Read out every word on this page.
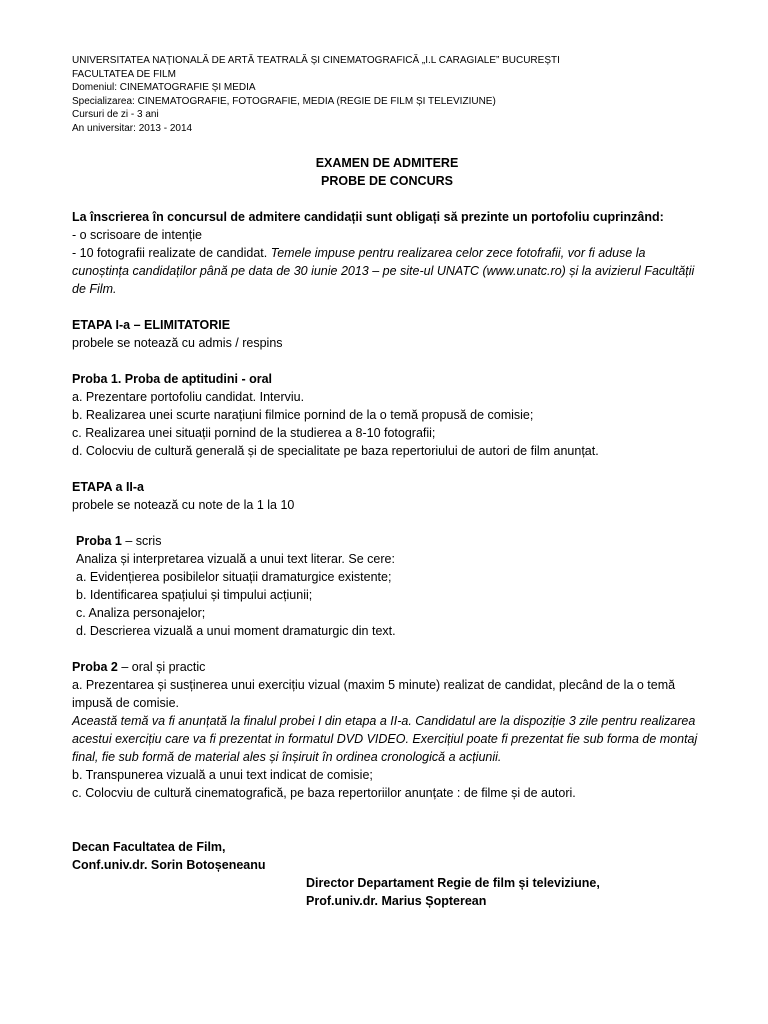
UNIVERSITATEA NAȚIONALĂ DE ARTĂ TEATRALĂ ȘI CINEMATOGRAFICĂ „I.L CARAGIALE” BUCUREȘTI

FACULTATEA DE FILM

Domeniul: CINEMATOGRAFIE ȘI MEDIA

Specializarea: CINEMATOGRAFIE, FOTOGRAFIE, MEDIA (REGIE DE FILM ȘI TELEVIZIUNE)

Cursuri de zi - 3 ani

An universitar: 2013 - 2014

EXAMEN DE ADMITERE

PROBE DE CONCURS

La înscrierea în concursul de admitere candidații sunt obligați să prezinte un portofoliu cuprinzând:

- o scrisoare de intenție

- 10 fotografii realizate de candidat. Temele impuse pentru realizarea celor zece fotofrafii, vor fi aduse la cunoștința candidaților până pe data de 30 iunie 2013 – pe site-ul UNATC (www.unatc.ro) și la avizierul Facultății de Film.

ETAPA I-a – ELIMITATORIE

probele se notează cu admis / respins

Proba 1. Proba de aptitudini - oral

a. Prezentare portofoliu candidat. Interviu.

b. Realizarea unei scurte narațiuni filmice pornind de la o temă propusă de comisie;

c. Realizarea unei situații pornind de la studierea a 8-10 fotografii;

d. Colocviu de cultură generală și de specialitate pe baza repertoriului de autori de film anunțat.

ETAPA a II-a

probele se notează cu note de la 1 la 10

Proba 1 – scris

Analiza și interpretarea vizuală a unui text literar. Se cere:

a. Evidențierea posibilelor situații dramaturgice existente;

b. Identificarea spațiului și timpului acțiunii;

c. Analiza personajelor;

d. Descrierea vizuală a unui moment dramaturgic din text.

Proba 2 – oral și practic

a. Prezentarea și susținerea unui exercițiu vizual (maxim 5 minute) realizat de candidat, plecând de la o temă impusă de comisie.

Această temă va fi anunțată la finalul probei I din etapa a II-a. Candidatul are la dispoziție 3 zile pentru realizarea acestui exercițiu care va fi prezentat in formatul DVD VIDEO. Exercițiul poate fi prezentat fie sub forma de montaj final, fie sub formă de material ales și înșiruit în ordinea cronologică a acțiunii.

b. Transpunerea vizuală a unui text indicat de comisie;

c. Colocviu de cultură cinematografică, pe baza repertoriilor anunțate : de filme și de autori.

Decan Facultatea de Film,

Conf.univ.dr. Sorin Botoșeneanu

Director Departament Regie de film și televiziune,

Prof.univ.dr. Marius Șopterean
